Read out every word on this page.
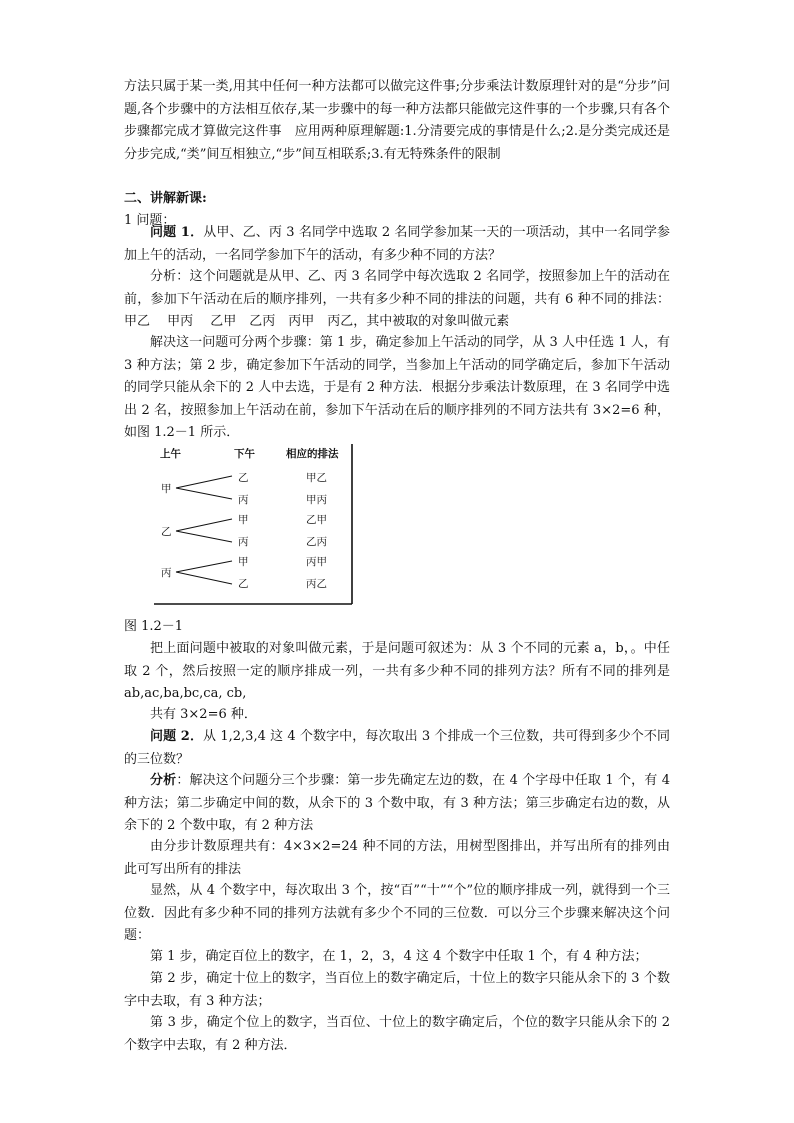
方法只属于某一类,用其中任何一种方法都可以做完这件事;分步乘法计数原理针对的是“分步”问题,各个步骤中的方法相互依存,某一步骤中的每一种方法都只能做完这件事的一个步骤,只有各个步骤都完成才算做完这件事　应用两种原理解题:1.分清要完成的事情是什么;2.是分类完成还是分步完成,“类”间互相独立,“步”间互相联系;3.有无特殊条件的限制

二、讲解新课:

1 问题：

问题 1．从甲、乙、丙 3 名同学中选取 2 名同学参加某一天的一项活动，其中一名同学参加上午的活动，一名同学参加下午的活动，有多少种不同的方法？

分析：这个问题就是从甲、乙、丙 3 名同学中每次选取 2 名同学，按照参加上午的活动在前，参加下午活动在后的顺序排列，一共有多少种不同的排法的问题，共有 6 种不同的排法：甲乙　 甲丙　 乙甲　乙丙　丙甲　丙乙，其中被取的对象叫做元素

解决这一问题可分两个步骤：第 1 步，确定参加上午活动的同学，从 3 人中任选 1 人，有 3 种方法；第 2 步，确定参加下午活动的同学，当参加上午活动的同学确定后，参加下午活动的同学只能从余下的 2 人中去选，于是有 2 种方法．根据分步乘法计数原理，在 3 名同学中选出 2 名，按照参加上午活动在前，参加下午活动在后的顺序排列的不同方法共有 3×2=6 种，如图 1.2－1 所示．

上午	下午	相应的排法
甲
乙
丙
甲乙
甲丙
乙
甲
丙
乙甲
乙丙
丙
甲
乙
丙甲
丙乙

图 1.2－1

把上面问题中被取的对象叫做元素，于是问题可叙述为：从 3 个不同的元素 a，b，。中任取 2 个，然后按照一定的顺序排成一列，一共有多少种不同的排列方法？所有不同的排列是 ab,ac,ba,bc,ca, cb,

共有 3×2=6 种．

问题 2．从 1,2,3,4 这 4 个数字中，每次取出 3 个排成一个三位数，共可得到多少个不同的三位数？

分析：解决这个问题分三个步骤：第一步先确定左边的数，在 4 个字母中任取 1 个，有 4 种方法；第二步确定中间的数，从余下的 3 个数中取，有 3 种方法；第三步确定右边的数，从余下的 2 个数中取，有 2 种方法

由分步计数原理共有：4×3×2=24 种不同的方法，用树型图排出，并写出所有的排列由此可写出所有的排法

显然，从 4 个数字中，每次取出 3 个，按“百”“十”“个”位的顺序排成一列，就得到一个三位数．因此有多少种不同的排列方法就有多少个不同的三位数．可以分三个步骤来解决这个问题：

第 1 步，确定百位上的数字，在 1，2，3，4 这 4 个数字中任取 1 个，有 4 种方法；

第 2 步，确定十位上的数字，当百位上的数字确定后，十位上的数字只能从余下的 3 个数字中去取，有 3 种方法；

第 3 步，确定个位上的数字，当百位、十位上的数字确定后，个位的数字只能从余下的 2 个数字中去取，有 2 种方法．
